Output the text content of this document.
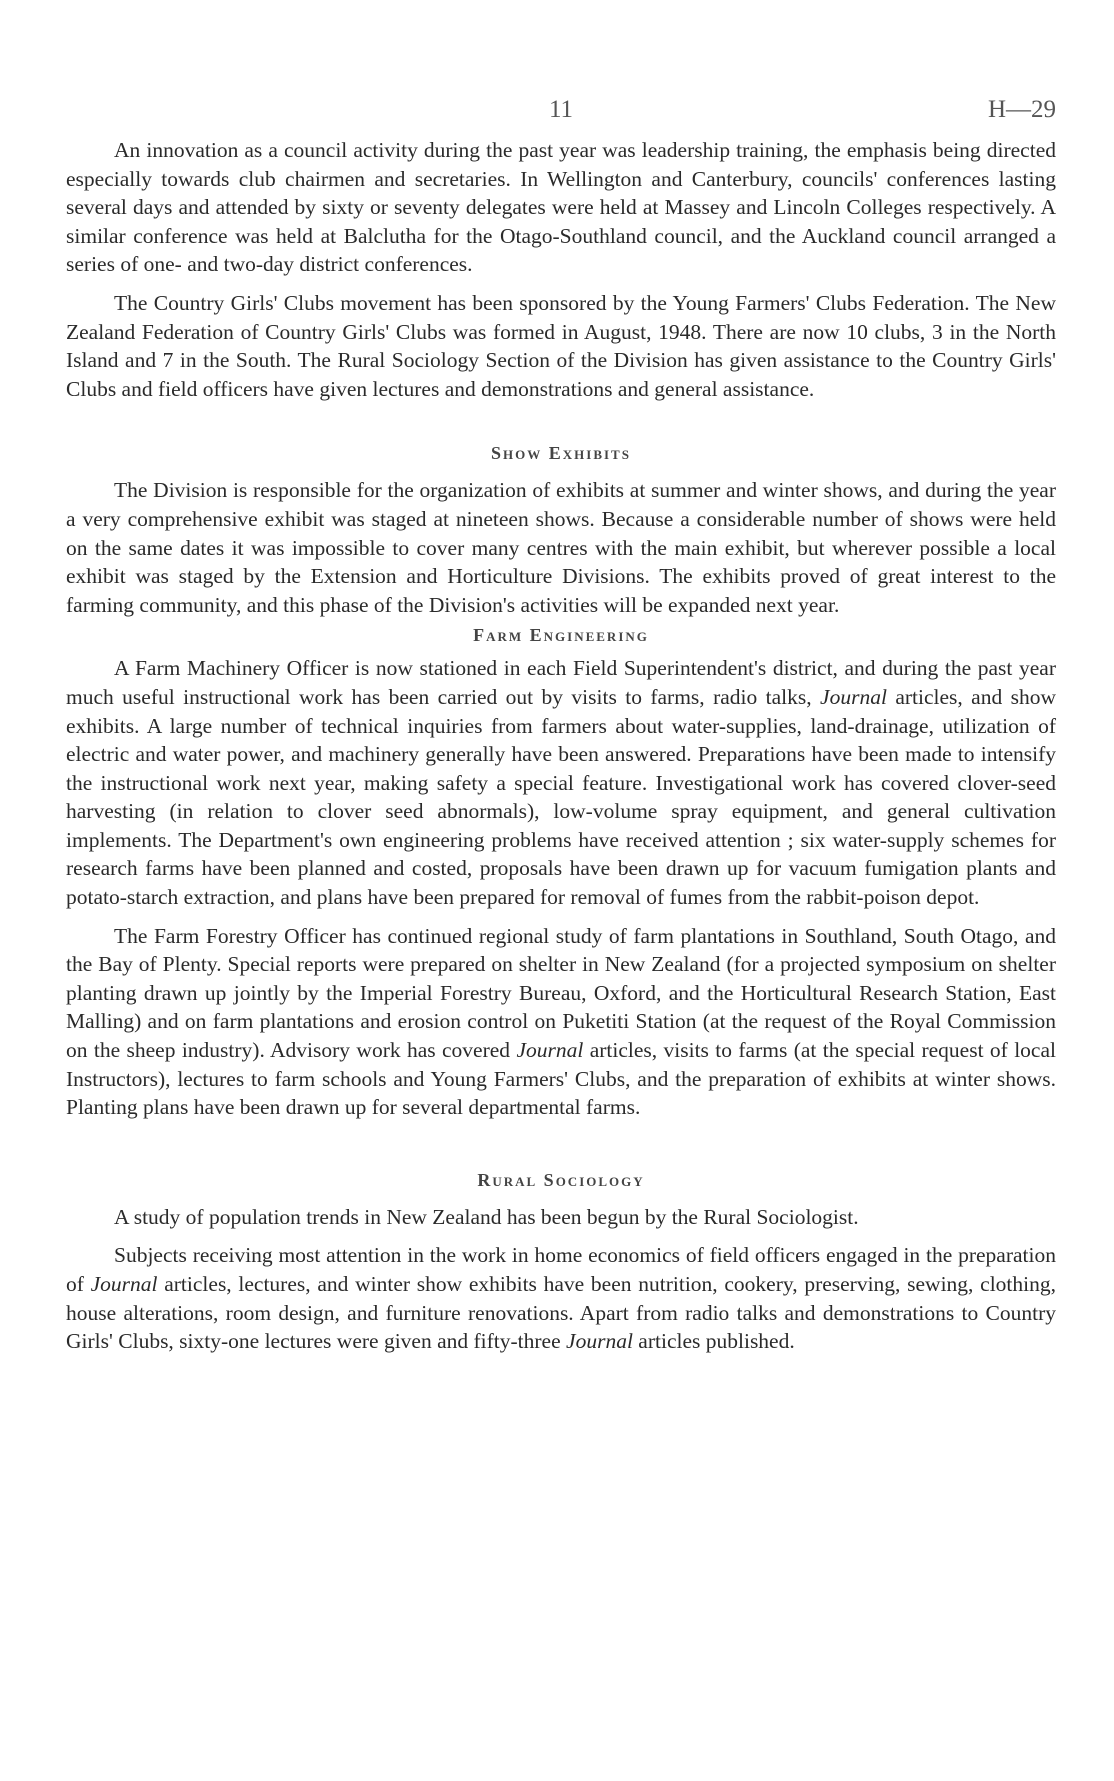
11	H—29

An innovation as a council activity during the past year was leadership training, the emphasis being directed especially towards club chairmen and secretaries. In Wellington and Canterbury, councils' conferences lasting several days and attended by sixty or seventy delegates were held at Massey and Lincoln Colleges respectively. A similar conference was held at Balclutha for the Otago-Southland council, and the Auckland council arranged a series of one- and two-day district conferences.

The Country Girls' Clubs movement has been sponsored by the Young Farmers' Clubs Federation. The New Zealand Federation of Country Girls' Clubs was formed in August, 1948. There are now 10 clubs, 3 in the North Island and 7 in the South. The Rural Sociology Section of the Division has given assistance to the Country Girls' Clubs and field officers have given lectures and demonstrations and general assistance.

Show Exhibits

The Division is responsible for the organization of exhibits at summer and winter shows, and during the year a very comprehensive exhibit was staged at nineteen shows. Because a considerable number of shows were held on the same dates it was impossible to cover many centres with the main exhibit, but wherever possible a local exhibit was staged by the Extension and Horticulture Divisions. The exhibits proved of great interest to the farming community, and this phase of the Division's activities will be expanded next year.

Farm Engineering

A Farm Machinery Officer is now stationed in each Field Superintendent's district, and during the past year much useful instructional work has been carried out by visits to farms, radio talks, Journal articles, and show exhibits. A large number of technical inquiries from farmers about water-supplies, land-drainage, utilization of electric and water power, and machinery generally have been answered. Preparations have been made to intensify the instructional work next year, making safety a special feature. Investigational work has covered clover-seed harvesting (in relation to clover seed abnormals), low-volume spray equipment, and general cultivation implements. The Department's own engineering problems have received attention ; six water-supply schemes for research farms have been planned and costed, proposals have been drawn up for vacuum fumigation plants and potato-starch extraction, and plans have been prepared for removal of fumes from the rabbit-poison depot.

The Farm Forestry Officer has continued regional study of farm plantations in Southland, South Otago, and the Bay of Plenty. Special reports were prepared on shelter in New Zealand (for a projected symposium on shelter planting drawn up jointly by the Imperial Forestry Bureau, Oxford, and the Horticultural Research Station, East Malling) and on farm plantations and erosion control on Puketiti Station (at the request of the Royal Commission on the sheep industry). Advisory work has covered Journal articles, visits to farms (at the special request of local Instructors), lectures to farm schools and Young Farmers' Clubs, and the preparation of exhibits at winter shows. Planting plans have been drawn up for several departmental farms.

Rural Sociology

A study of population trends in New Zealand has been begun by the Rural Sociologist.

Subjects receiving most attention in the work in home economics of field officers engaged in the preparation of Journal articles, lectures, and winter show exhibits have been nutrition, cookery, preserving, sewing, clothing, house alterations, room design, and furniture renovations. Apart from radio talks and demonstrations to Country Girls' Clubs, sixty-one lectures were given and fifty-three Journal articles published.
